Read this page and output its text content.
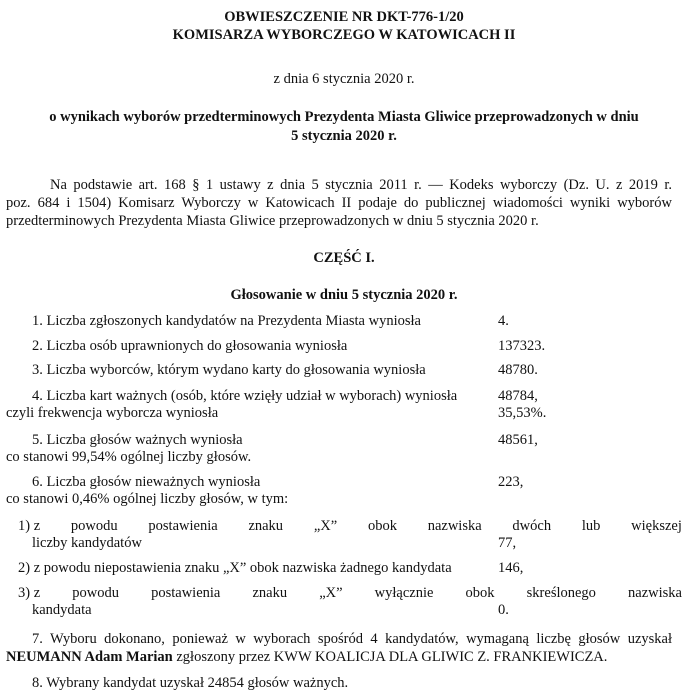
OBWIESZCZENIE NR DKT-776-1/20
KOMISARZA WYBORCZEGO W KATOWICACH II
z dnia 6 stycznia 2020 r.
o wynikach wyborów przedterminowych Prezydenta Miasta Gliwice przeprowadzonych w dniu
5 stycznia 2020 r.
Na podstawie art. 168 § 1 ustawy z dnia 5 stycznia 2011 r. — Kodeks wyborczy (Dz. U. z 2019 r.
poz. 684 i 1504) Komisarz Wyborczy w Katowicach II podaje do publicznej wiadomości wyniki wyborów
przedterminowych Prezydenta Miasta Gliwice przeprowadzonych w dniu 5 stycznia 2020 r.
CZĘŚĆ I.
Głosowanie w dniu 5 stycznia 2020 r.
1. Liczba zgłoszonych kandydatów na Prezydenta Miasta wyniosła	4.
2. Liczba osób uprawnionych do głosowania wyniosła	137323.
3. Liczba wyborców, którym wydano karty do głosowania wyniosła	48780.
4. Liczba kart ważnych (osób, które wzięły udział w wyborach) wyniosła	48784,
czyli frekwencja wyborcza wyniosła	35,53%.
5. Liczba głosów ważnych wyniosła	48561,
co stanowi 99,54% ogólnej liczby głosów.
6. Liczba głosów nieważnych wyniosła	223,
co stanowi 0,46% ogólnej liczby głosów, w tym:
1) z powodu postawienia znaku „X” obok nazwiska dwóch lub większej
liczby kandydatów	77,
2) z powodu niepostawienia znaku „X” obok nazwiska żadnego kandydata	146,
3) z powodu postawienia znaku „X” wyłącznie obok skreślonego nazwiska
kandydata	0.
7. Wyboru dokonano, ponieważ w wyborach spośród 4 kandydatów, wymaganą liczbę głosów uzyskał
NEUMANN Adam Marian zgłoszony przez KWW KOALICJA DLA GLIWIC Z. FRANKIEWICZA.
8. Wybrany kandydat uzyskał 24854 głosów ważnych.
